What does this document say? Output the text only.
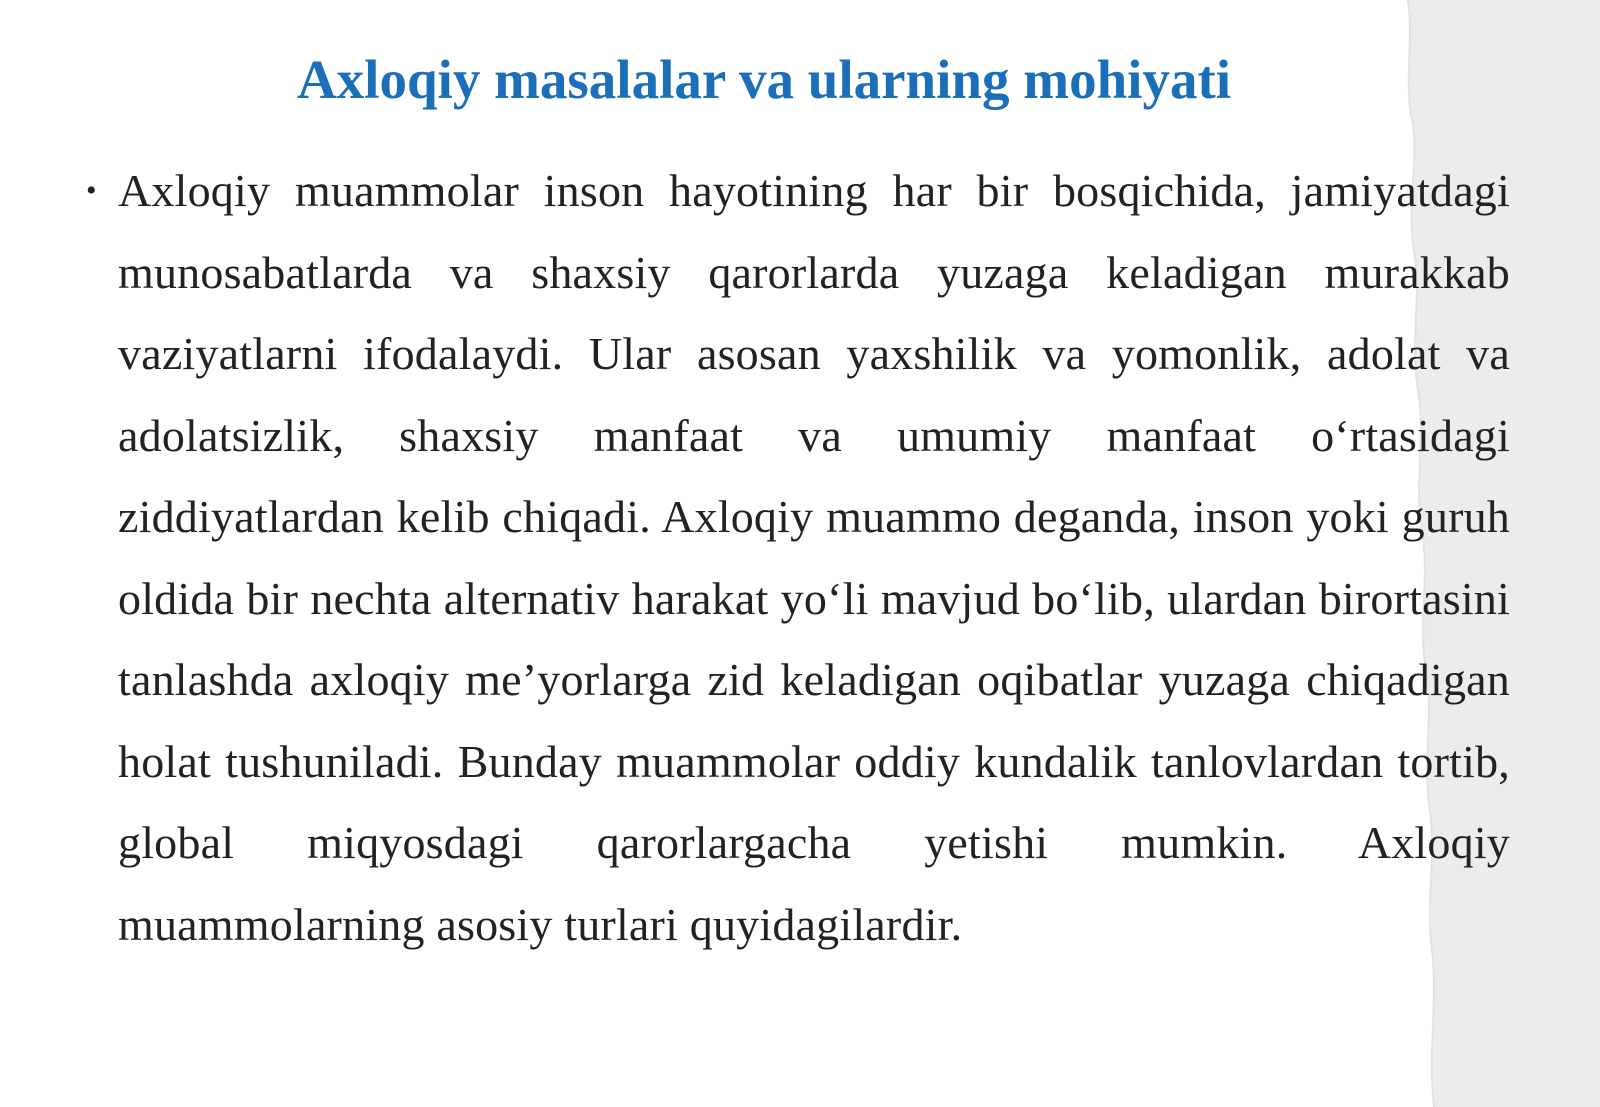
Axloqiy masalalar va ularning mohiyati
• Axloqiy muammolar inson hayotining har bir bosqichida, jamiyatdagi munosabatlarda va shaxsiy qarorlarda yuzaga keladigan murakkab vaziyatlarni ifodalaydi. Ular asosan yaxshilik va yomonlik, adolat va adolatsizlik, shaxsiy manfaat va umumiy manfaat o‘rtasidagi ziddiyatlardan kelib chiqadi. Axloqiy muammo deganda, inson yoki guruh oldida bir nechta alternativ harakat yo‘li mavjud bo‘lib, ulardan birortasini tanlashda axloqiy me’yorlarga zid keladigan oqibatlar yuzaga chiqadigan holat tushuniladi. Bunday muammolar oddiy kundalik tanlovlardan tortib, global miqyosdagi qarorlargacha yetishi mumkin. Axloqiy muammolarning asosiy turlari quyidagilardir.
